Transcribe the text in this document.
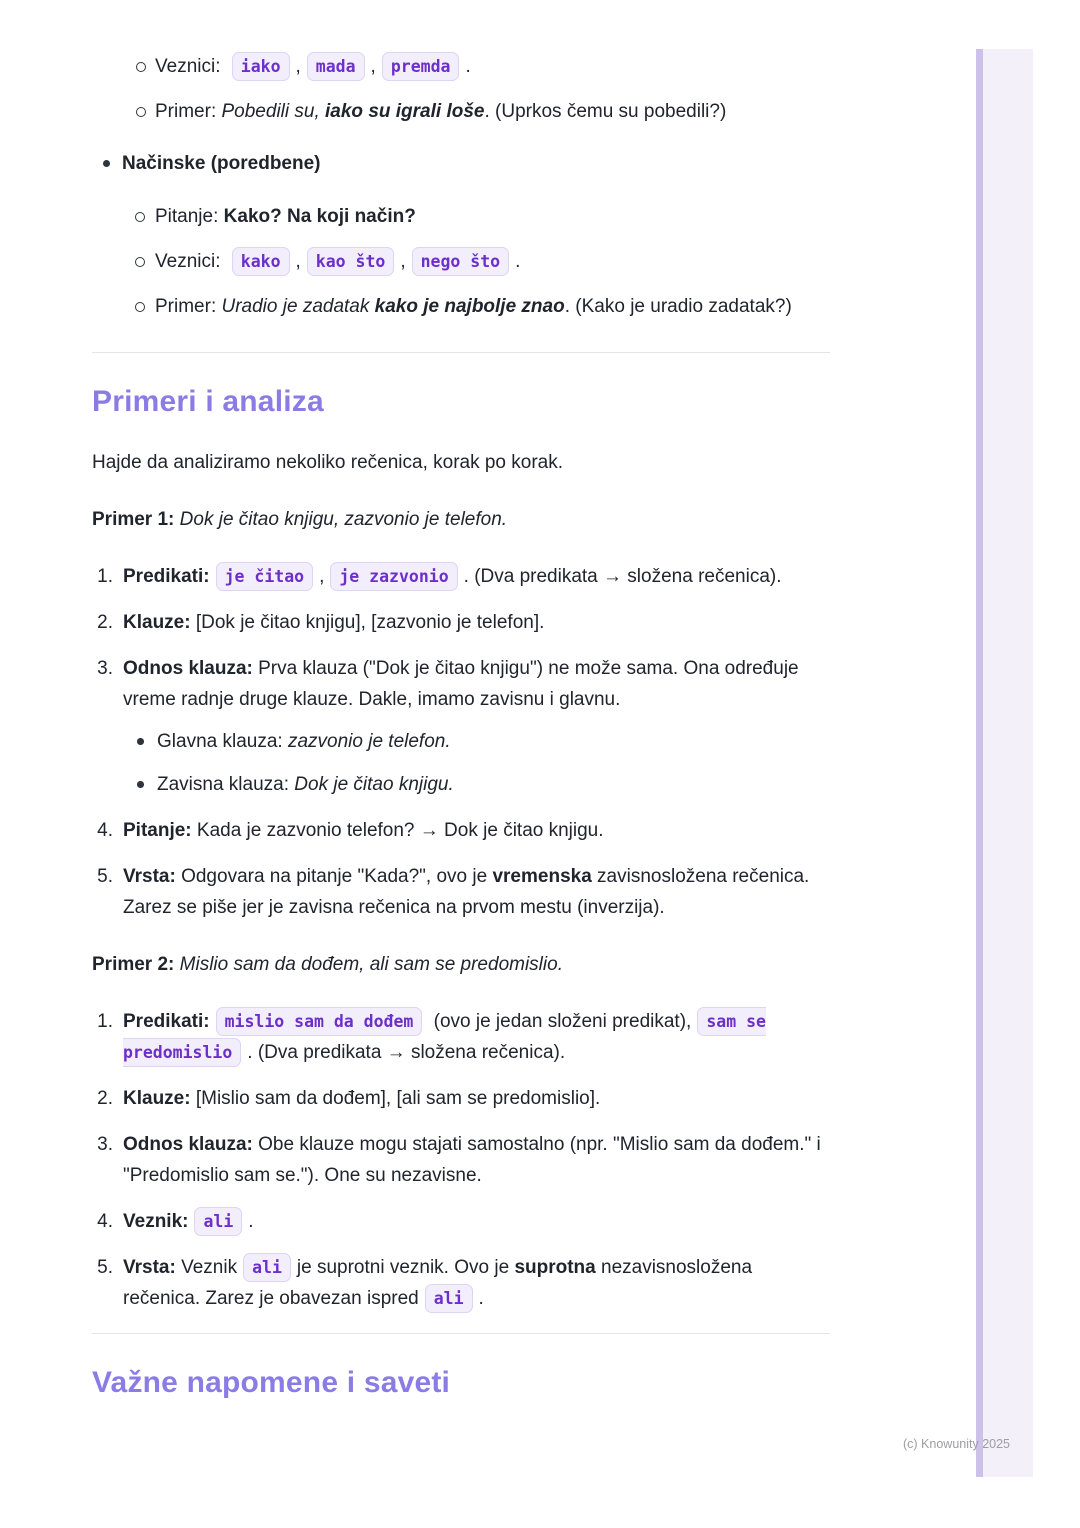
Veznici: iako , mada , premda .
Primer: Pobedili su, iako su igrali loše. (Uprkos čemu su pobedili?)
Načinske (poredbene)
Pitanje: Kako? Na koji način?
Veznici: kako , kao što , nego što .
Primer: Uradio je zadatak kako je najbolje znao. (Kako je uradio zadatak?)
Primeri i analiza

Hajde da analiziramo nekoliko rečenica, korak po korak.

Primer 1: Dok je čitao knjigu, zazvonio je telefon.

Predikati: je čitao , je zazvonio . (Dva predikata → složena rečenica).
Klauze: [Dok je čitao knjigu], [zazvonio je telefon].
Odnos klauza: Prva klauza ("Dok je čitao knjigu") ne može sama. Ona određuje vreme radnje druge klauze. Dakle, imamo zavisnu i glavnu.
Glavna klauza: zazvonio je telefon.
Zavisna klauza: Dok je čitao knjigu.
Pitanje: Kada je zazvonio telefon? → Dok je čitao knjigu.
Vrsta: Odgovara na pitanje "Kada?", ovo je vremenska zavisnosložena rečenica. Zarez se piše jer je zavisna rečenica na prvom mestu (inverzija).

Primer 2: Mislio sam da dođem, ali sam se predomislio.

Predikati: mislio sam da dođem (ovo je jedan složeni predikat), sam se predomislio . (Dva predikata → složena rečenica).
Klauze: [Mislio sam da dođem], [ali sam se predomislio].
Odnos klauza: Obe klauze mogu stajati samostalno (npr. "Mislio sam da dođem." i "Predomislio sam se."). One su nezavisne.
Veznik: ali .
Vrsta: Veznik ali je suprotni veznik. Ovo je suprotna nezavisnosložena rečenica. Zarez je obavezan ispred ali .
Važne napomene i saveti
(c) Knowunity 2025
